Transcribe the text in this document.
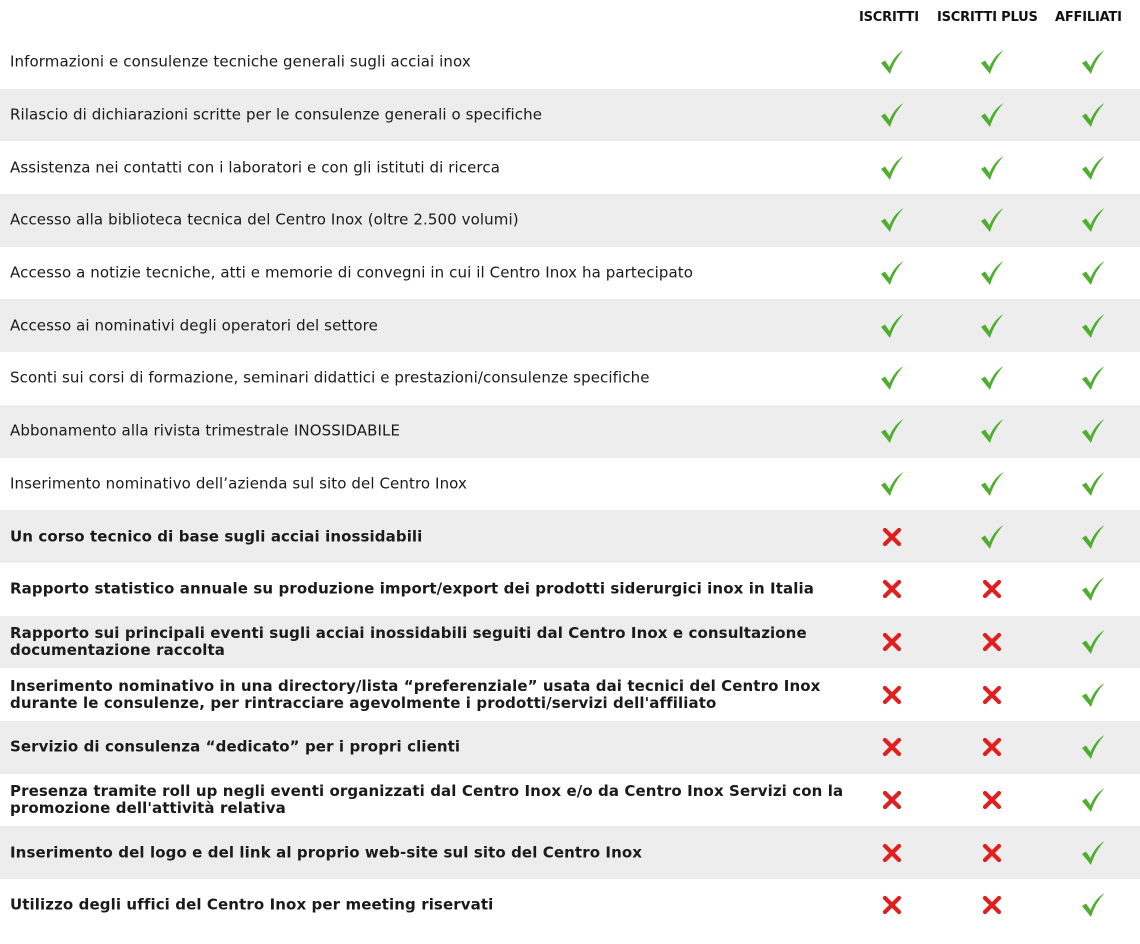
ISCRITTI ISCRITTI PLUS AFFILIATI
Informazioni e consulenze tecniche generali sugli acciai inox
Rilascio di dichiarazioni scritte per le consulenze generali o specifiche
Assistenza nei contatti con i laboratori e con gli istituti di ricerca
Accesso alla biblioteca tecnica del Centro Inox (oltre 2.500 volumi)
Accesso a notizie tecniche, atti e memorie di convegni in cui il Centro Inox ha partecipato
Accesso ai nominativi degli operatori del settore
Sconti sui corsi di formazione, seminari didattici e prestazioni/consulenze specifiche
Abbonamento alla rivista trimestrale INOSSIDABILE
Inserimento nominativo dell’azienda sul sito del Centro Inox
Un corso tecnico di base sugli acciai inossidabili
Rapporto statistico annuale su produzione import/export dei prodotti siderurgici inox in Italia
Rapporto sui principali eventi sugli acciai inossidabili seguiti dal Centro Inox e consultazione documentazione raccolta
Inserimento nominativo in una directory/lista “preferenziale” usata dai tecnici del Centro Inox durante le consulenze, per rintracciare agevolmente i prodotti/servizi dell'affiliato
Servizio di consulenza “dedicato” per i propri clienti
Presenza tramite roll up negli eventi organizzati dal Centro Inox e/o da Centro Inox Servizi con la promozione dell'attività relativa
Inserimento del logo e del link al proprio web-site sul sito del Centro Inox
Utilizzo degli uffici del Centro Inox per meeting riservati
